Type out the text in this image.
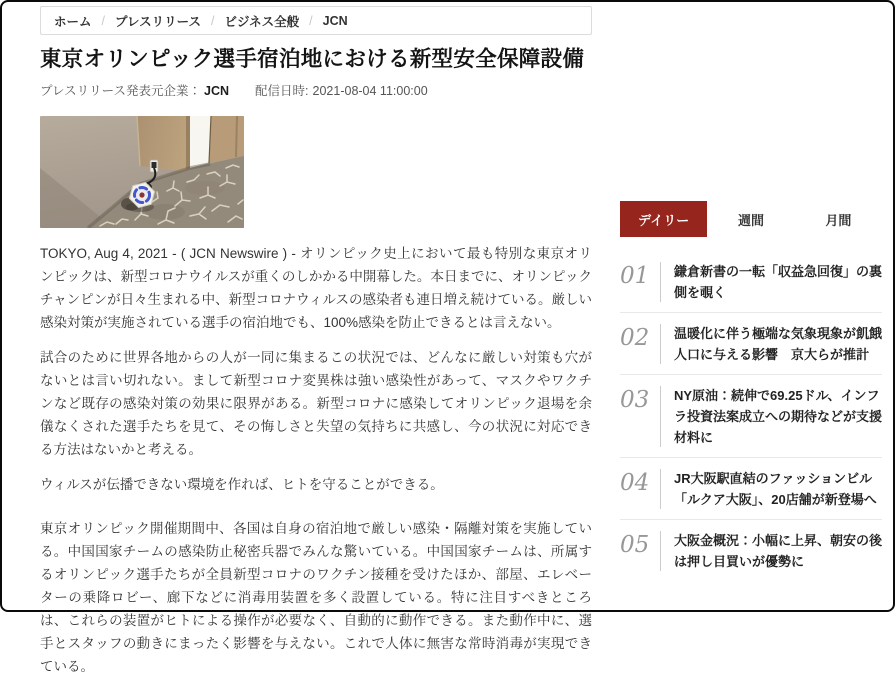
ホーム / プレスリリース / ビジネス全般 / JCN
東京オリンピック選手宿泊地における新型安全保障設備
プレスリリース発表元企業： JCN 配信日時: 2021-08-04 11:00:00

TOKYO, Aug 4, 2021 - ( JCN Newswire ) - オリンピック史上において最も特別な東京オリンピックは、新型コロナウイルスが重くのしかかる中開幕した。本日までに、オリンピックチャンピンが日々生まれる中、新型コロナウィルスの感染者も連日増え続けている。厳しい感染対策が実施されている選手の宿泊地でも、100%感染を防止できるとは言えない。

試合のために世界各地からの人が一同に集まるこの状況では、どんなに厳しい対策も穴がないとは言い切れない。まして新型コロナ変異株は強い感染性があって、マスクやワクチンなど既存の感染対策の効果に限界がある。新型コロナに感染してオリンピック退場を余儀なくされた選手たちを見て、その悔しさと失望の気持ちに共感し、今の状況に対応できる方法はないかと考える。

ウィルスが伝播できない環境を作れば、ヒトを守ることができる。

東京オリンピック開催期間中、各国は自身の宿泊地で厳しい感染・隔離対策を実施している。中国国家チームの感染防止秘密兵器でみんな驚いている。中国国家チームは、所属するオリンピック選手たちが全員新型コロナのワクチン接種を受けたほか、部屋、エレベーターの乗降ロビー、廊下などに消毒用装置を多く設置している。特に注目すべきところは、これらの装置がヒトによる操作が必要なく、自動的に動作できる。また動作中に、選手とスタッフの動きにまったく影響を与えない。これで人体に無害な常時消毒が実現できている。

デイリー	週間	月間
01	鎌倉新書の一転「収益急回復」の裏側を覗く
02	温暖化に伴う極端な気象現象が飢餓人口に与える影響　京大らが推計
03	NY原油：続伸で69.25ドル、インフラ投資法案成立への期待などが支援材料に
04	JR大阪駅直結のファッションビル「ルクア大阪」、20店舗が新登場へ
05	大阪金概況：小幅に上昇、朝安の後は押し目買いが優勢に
